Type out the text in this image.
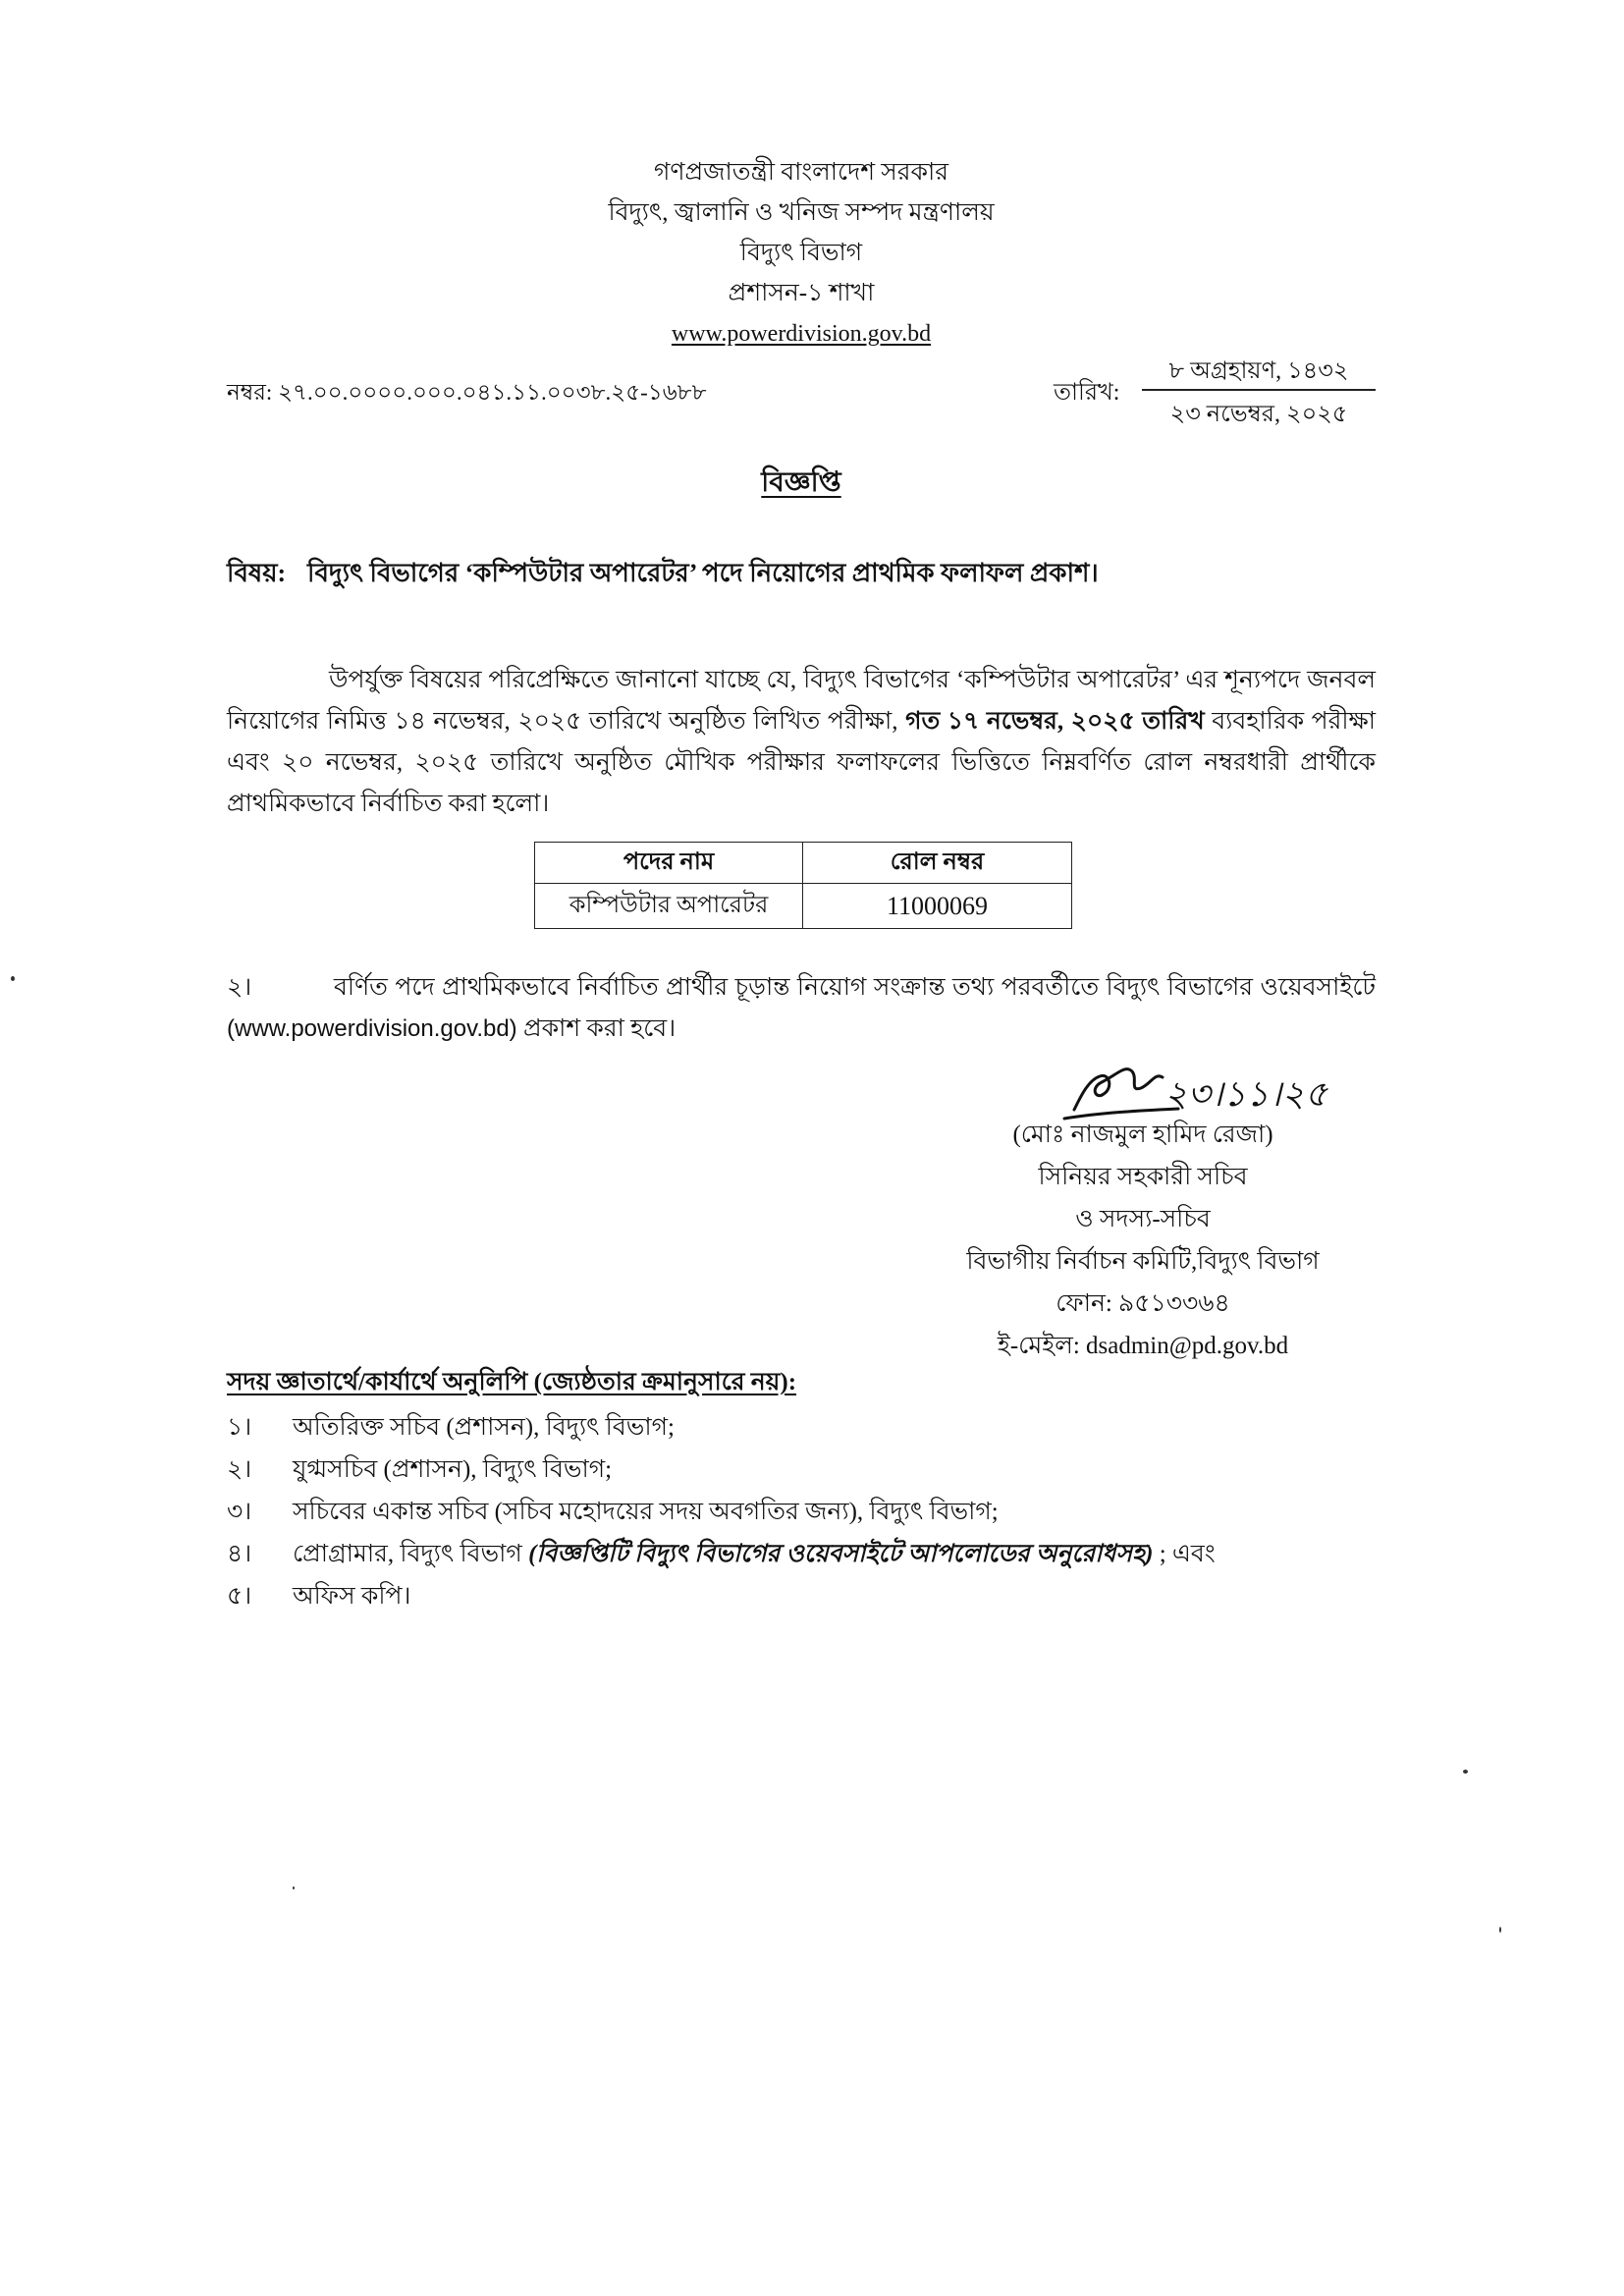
গণপ্রজাতন্ত্রী বাংলাদেশ সরকার
বিদ্যুৎ, জ্বালানি ও খনিজ সম্পদ মন্ত্রণালয়
বিদ্যুৎ বিভাগ
প্রশাসন-১ শাখা
www.powerdivision.gov.bd
নম্বর: ২৭.০০.০০০০.০০০.০৪১.১১.০০৩৮.২৫-১৬৮৮	তারিখ:
৮ অগ্রহায়ণ, ১৪৩২
২৩ নভেম্বর, ২০২৫
বিজ্ঞপ্তি
বিষয়: বিদ্যুৎ বিভাগের ‘কম্পিউটার অপারেটর’ পদে নিয়োগের প্রাথমিক ফলাফল প্রকাশ।
উপর্যুক্ত বিষয়ের পরিপ্রেক্ষিতে জানানো যাচ্ছে যে, বিদ্যুৎ বিভাগের ‘কম্পিউটার অপারেটর’ এর শূন্যপদে জনবল নিয়োগের নিমিত্ত ১৪ নভেম্বর, ২০২৫ তারিখে অনুষ্ঠিত লিখিত পরীক্ষা, গত ১৭ নভেম্বর, ২০২৫ তারিখ ব্যবহারিক পরীক্ষা এবং ২০ নভেম্বর, ২০২৫ তারিখে অনুষ্ঠিত মৌখিক পরীক্ষার ফলাফলের ভিত্তিতে নিম্নবর্ণিত রোল নম্বরধারী প্রার্থীকে প্রাথমিকভাবে নির্বাচিত করা হলো।
পদের নাম	রোল নম্বর
কম্পিউটার অপারেটর	11000069
২।	বর্ণিত পদে প্রাথমিকভাবে নির্বাচিত প্রার্থীর চূড়ান্ত নিয়োগ সংক্রান্ত তথ্য পরবর্তীতে বিদ্যুৎ বিভাগের ওয়েবসাইটে (www.powerdivision.gov.bd) প্রকাশ করা হবে।
২৩।১১।২৫
(মোঃ নাজমুল হামিদ রেজা)
সিনিয়র সহকারী সচিব
ও সদস্য-সচিব
বিভাগীয় নির্বাচন কমিটি,বিদ্যুৎ বিভাগ
ফোন: ৯৫১৩৩৬৪
ই-মেইল: dsadmin@pd.gov.bd
সদয় জ্ঞাতার্থে/কার্যার্থে অনুলিপি (জ্যেষ্ঠতার ক্রমানুসারে নয়):
১। অতিরিক্ত সচিব (প্রশাসন), বিদ্যুৎ বিভাগ;
২। যুগ্মসচিব (প্রশাসন), বিদ্যুৎ বিভাগ;
৩। সচিবের একান্ত সচিব (সচিব মহোদয়ের সদয় অবগতির জন্য), বিদ্যুৎ বিভাগ;
৪। প্রোগ্রামার, বিদ্যুৎ বিভাগ (বিজ্ঞপ্তিটি বিদ্যুৎ বিভাগের ওয়েবসাইটে আপলোডের অনুরোধসহ) ; এবং
৫। অফিস কপি।
